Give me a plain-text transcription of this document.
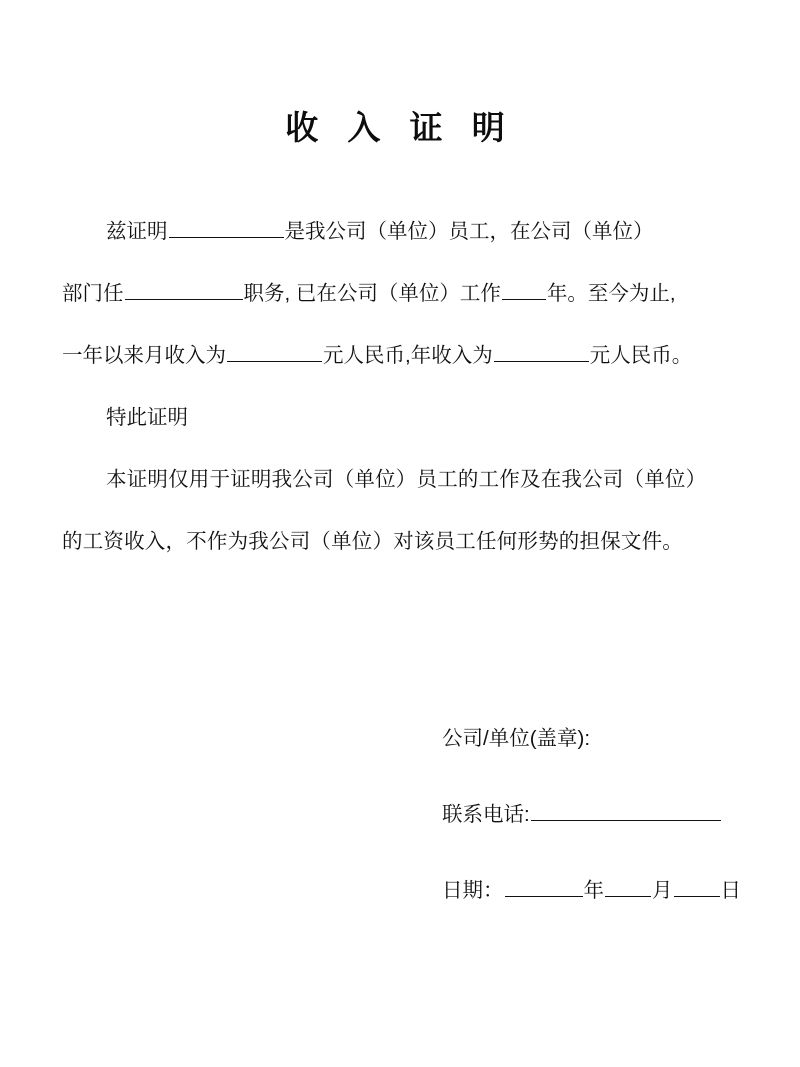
收 入 证 明
兹证明	是我公司（单位）员工，在公司（单位）
部门任	职务, 已在公司（单位）工作 年。至今为止,
一年以来月收入为	元人民币,年收入为	元人民币。
特此证明
本证明仅用于证明我公司（单位）员工的工作及在我公司（单位）
的工资收入，不作为我公司（单位）对该员工任何形势的担保文件。
公司/单位(盖章):
联系电话:
日期：	年 月 日
